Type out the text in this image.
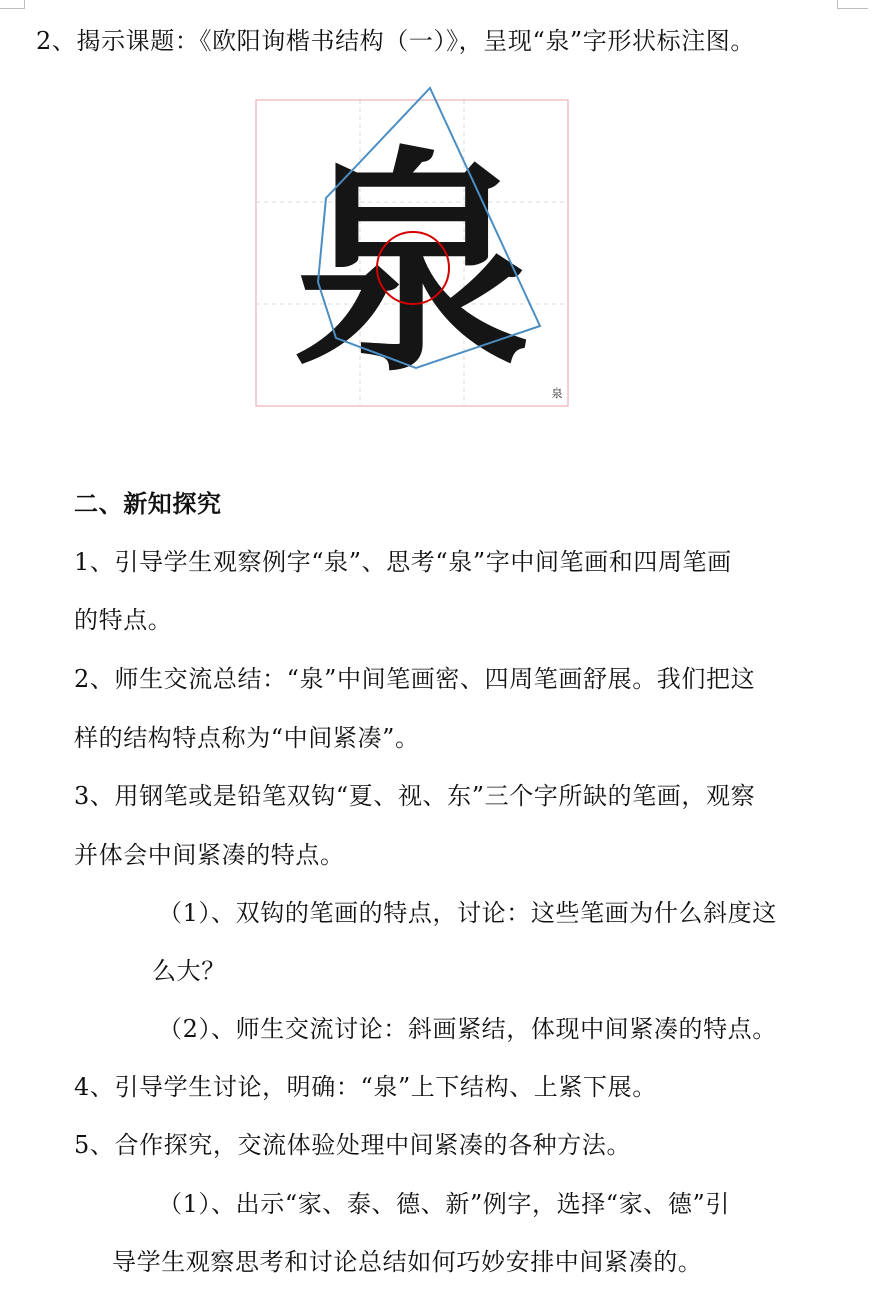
2、揭示课题：《欧阳询楷书结构（一）》，呈现“泉”字形状标注图。
泉 泉
二、新知探究
1、引导学生观察例字“泉”、思考“泉”字中间笔画和四周笔画
的特点。
2、师生交流总结：“泉”中间笔画密、四周笔画舒展。我们把这
样的结构特点称为“中间紧凑”。
3、用钢笔或是铅笔双钩“夏、视、东”三个字所缺的笔画，观察
并体会中间紧凑的特点。
（1）、双钩的笔画的特点，讨论：这些笔画为什么斜度这
么大？
（2）、师生交流讨论：斜画紧结，体现中间紧凑的特点。
4、引导学生讨论，明确：“泉”上下结构、上紧下展。
5、合作探究，交流体验处理中间紧凑的各种方法。
（1）、出示“家、泰、德、新”例字，选择“家、德”引
导学生观察思考和讨论总结如何巧妙安排中间紧凑的。
